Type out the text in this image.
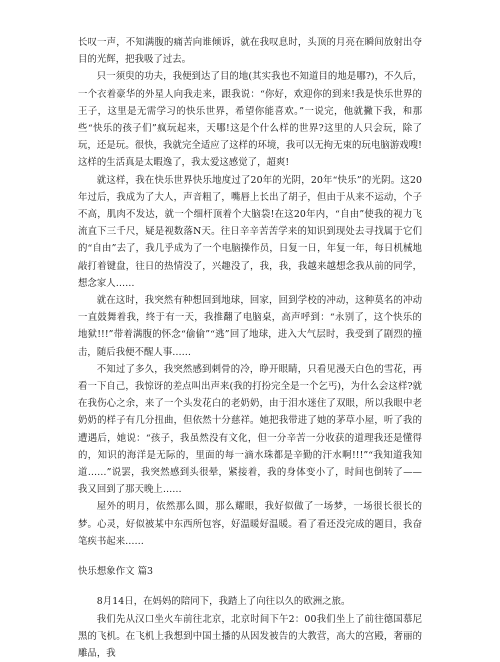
长叹一声，不知满腹的痛苦向谁倾诉，就在我叹息时，头顶的月亮在瞬间放射出夺目的光辉，把我吸了过去。

只一须臾的功夫，我便到达了目的地(其实我也不知道目的地是哪?)，不久后，一个衣着豪华的外星人向我走来，跟我说：“你好，欢迎你的到来!我是快乐世界的王子，这里是无需学习的快乐世界，希望你能喜欢。”一说完，他就撇下我，和那些“快乐的孩子们”疯玩起来，天哪!这是个什么样的世界?这里的人只会玩，除了玩，还是玩。很快，我就完全适应了这样的环境，我可以无拘无束的玩电脑游戏嗖!这样的生活真是太暇逸了，我太爱这感觉了，超爽!

就这样，我在快乐世界快乐地度过了20年的光阴，20年“快乐”的光阴。这20年过后，我成为了大人，声音粗了，嘴唇上长出了胡子，但由于从来不运动，个子不高，肌肉不发达，就一个细杆顶着个大脑袋!在这20年内，“自由”使我的视力飞流直下三千尺，疑是视数落N天。往日辛辛苦苦学来的知识到现处去寻找属于它们的“自由”去了，我几乎成为了一个电脑操作员，日复一日，年复一年，每日机械地敲打着键盘，往日的热情没了，兴趣没了，我，我，我越来越想念我从前的同学，想念家人……

就在这时，我突然有种想回到地球，回家，回到学校的冲动，这种莫名的冲动一直鼓舞着我，终于有一天，我推翻了电脑桌，高声呼到：“永别了，这个快乐的地狱!!!”带着满腹的怀念“偷偷”“逃”回了地球，进入大气层时，我受到了剧烈的撞击，随后我便不醒人事……

不知过了多久，我突然感到刺骨的冷，睁开眼睛，只看见漫天白色的雪花，再看一下自己，我惊讶的差点叫出声来(我的打扮完全是一个乞丐)，为什么会这样?就在我伤心之余，来了一个头发花白的老奶奶，由于泪水迷住了双眼，所以我眼中老奶奶的样子有几分扭曲，但依然十分慈祥。她把我带进了她的茅草小屋，听了我的遭遇后，她说：“孩子，我虽然没有文化，但一分辛苦一分收获的道理我还是懂得的，知识的海洋是无际的，里面的每一滴水珠都是辛勤的汗水啊!!!”“我知道我知道……”说罢，我突然感到头很晕，紧接着，我的身体变小了，时间也倒转了——我又回到了那天晚上……

屋外的明月，依然那么圆，那么耀眼，我好似做了一场梦，一场很长很长的梦。心灵，好似被某中东西所包容，好温暖好温暖。看了看还没完成的题目，我奋笔疾书起来……

快乐想象作文 篇3

8月14日，在妈妈的陪同下，我踏上了向往以久的欧洲之旅。

我们先从汉口坐火车前往北京，北京时间下午2：00我们坐上了前往德国慕尼黑的飞机。在飞机上我想到中国土播的从因发被告的大教营，高大的宫殿，奢丽的雕品，我
